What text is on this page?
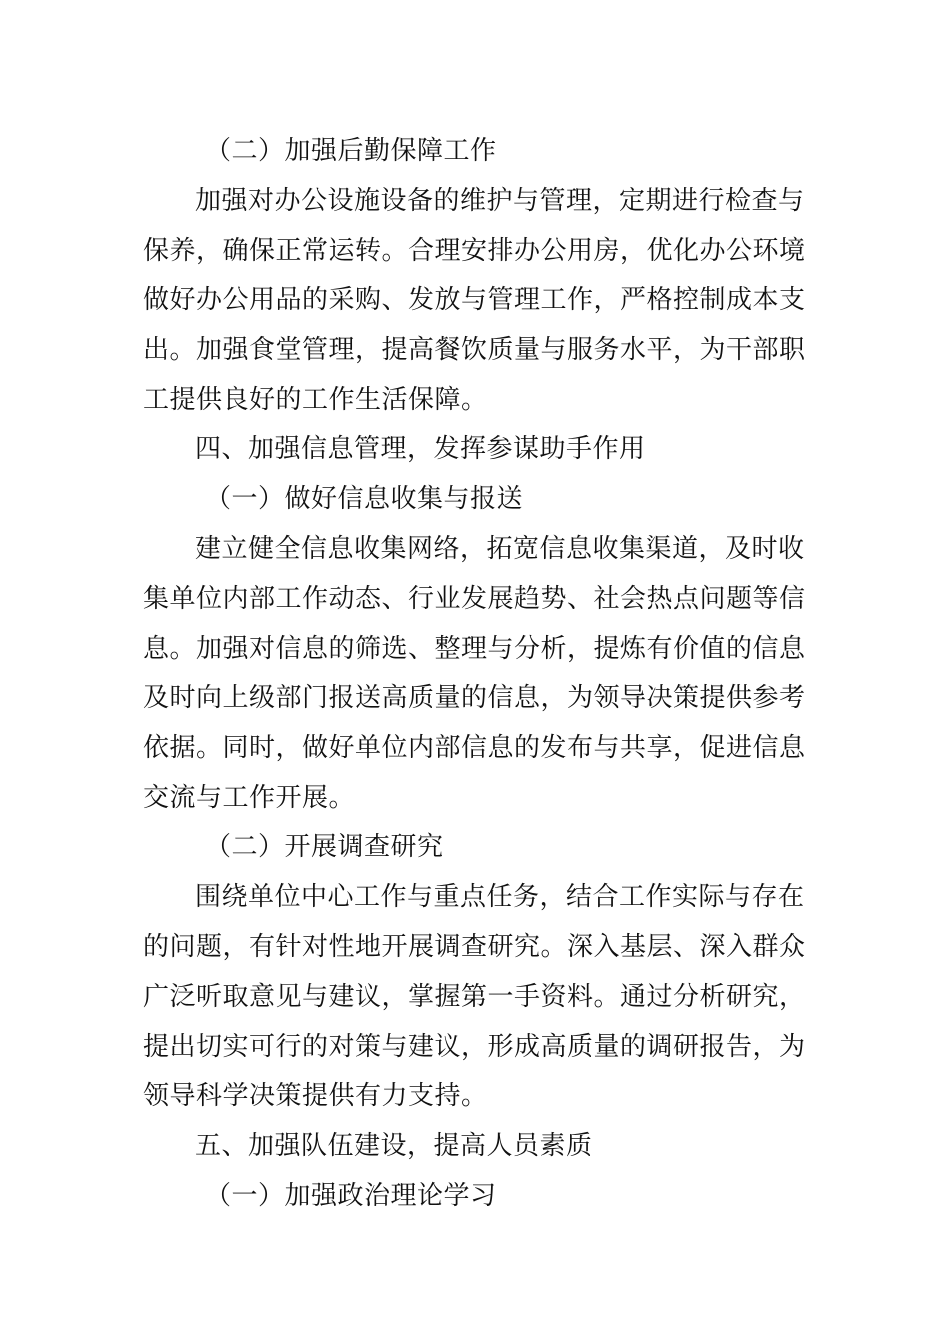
（二）加强后勤保障工作
加强对办公设施设备的维护与管理，定期进行检查与
保养，确保正常运转。合理安排办公用房，优化办公环境
做好办公用品的采购、发放与管理工作，严格控制成本支
出。加强食堂管理，提高餐饮质量与服务水平，为干部职
工提供良好的工作生活保障。
四、加强信息管理，发挥参谋助手作用
（一）做好信息收集与报送
建立健全信息收集网络，拓宽信息收集渠道，及时收
集单位内部工作动态、行业发展趋势、社会热点问题等信
息。加强对信息的筛选、整理与分析，提炼有价值的信息
及时向上级部门报送高质量的信息，为领导决策提供参考
依据。同时，做好单位内部信息的发布与共享，促进信息
交流与工作开展。
（二）开展调查研究
围绕单位中心工作与重点任务，结合工作实际与存在
的问题，有针对性地开展调查研究。深入基层、深入群众
广泛听取意见与建议，掌握第一手资料。通过分析研究，
提出切实可行的对策与建议，形成高质量的调研报告，为
领导科学决策提供有力支持。
五、加强队伍建设，提高人员素质
（一）加强政治理论学习
